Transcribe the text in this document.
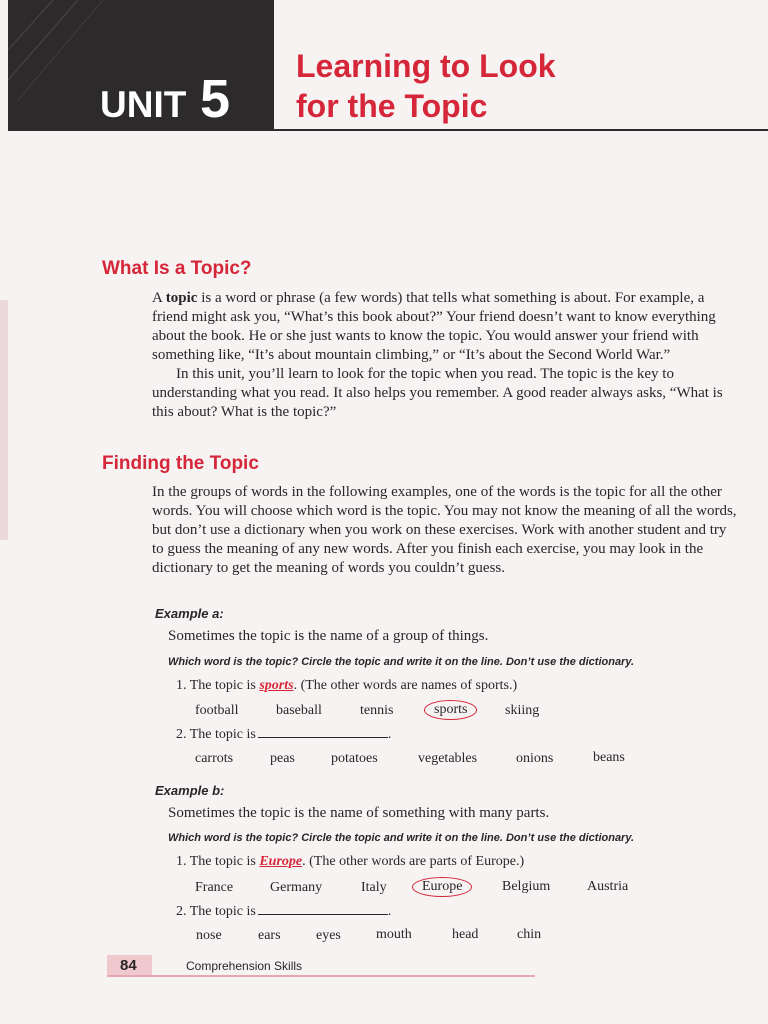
UNIT 5
Learning to Look
for the Topic
What Is a Topic?

A topic is a word or phrase (a few words) that tells what something is about. For example, a friend might ask you, “What’s this book about?” Your friend doesn’t want to know everything about the book. He or she just wants to know the topic. You would answer your friend with something like, “It’s about mountain climbing,” or “It’s about the Second World War.”

In this unit, you’ll learn to look for the topic when you read. The topic is the key to understanding what you read. It also helps you remember. A good reader always asks, “What is this about? What is the topic?”

Finding the Topic

In the groups of words in the following examples, one of the words is the topic for all the other words. You will choose which word is the topic. You may not know the meaning of all the words, but don’t use a dictionary when you work on these exercises. Work with another student and try to guess the meaning of any new words. After you finish each exercise, you may look in the dictionary to get the meaning of words you couldn’t guess.

Example a:
Sometimes the topic is the name of a group of things.
Which word is the topic? Circle the topic and write it on the line. Don’t use the dictionary.
1. The topic is sports. (The other words are names of sports.)
football	baseball	tennis	sports	skiing
2. The topic is	.
carrots	peas	potatoes	vegetables	onions	beans
Example b:
Sometimes the topic is the name of something with many parts.
Which word is the topic? Circle the topic and write it on the line. Don’t use the dictionary.
1. The topic is Europe. (The other words are parts of Europe.)
France	Germany	Italy	Europe	Belgium	Austria
2. The topic is	.
nose	ears	eyes	mouth	head	chin
84	Comprehension Skills
